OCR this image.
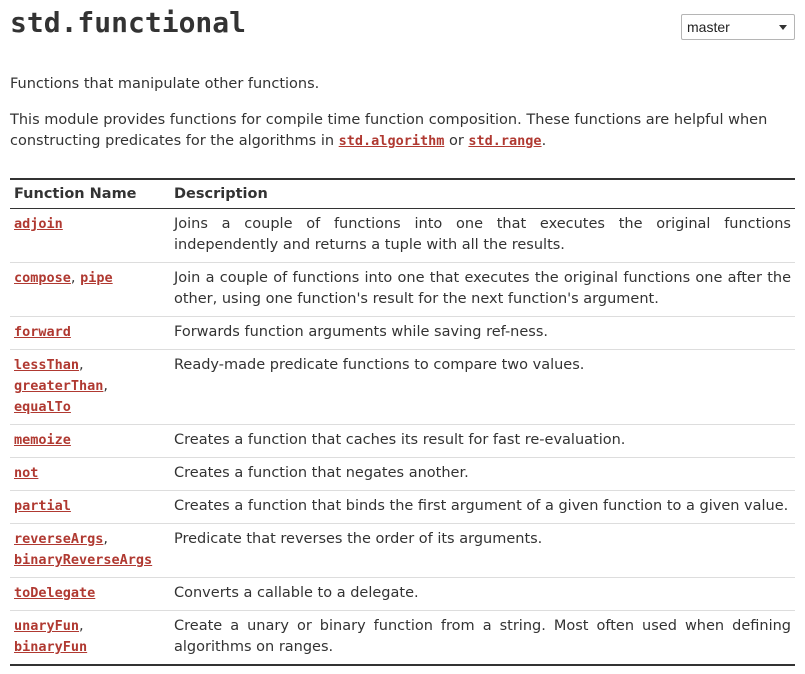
std.functional	master

Functions that manipulate other functions.

This module provides functions for compile time function composition. These functions are helpful when constructing predicates for the algorithms in std.algorithm or std.range.

Function Name	Description
adjoin	Joins a couple of functions into one that executes the original functions independently and returns a tuple with all the results.
compose, pipe	Join a couple of functions into one that executes the original functions one after the other, using one function's result for the next function's argument.
forward	Forwards function arguments while saving ref-ness.
lessThan,
greaterThan,
equalTo	Ready-made predicate functions to compare two values.
memoize	Creates a function that caches its result for fast re-evaluation.
not	Creates a function that negates another.
partial	Creates a function that binds the first argument of a given function to a given value.
reverseArgs,
binaryReverseArgs	Predicate that reverses the order of its arguments.
toDelegate	Converts a callable to a delegate.
unaryFun,
binaryFun	Create a unary or binary function from a string. Most often used when defining algorithms on ranges.
